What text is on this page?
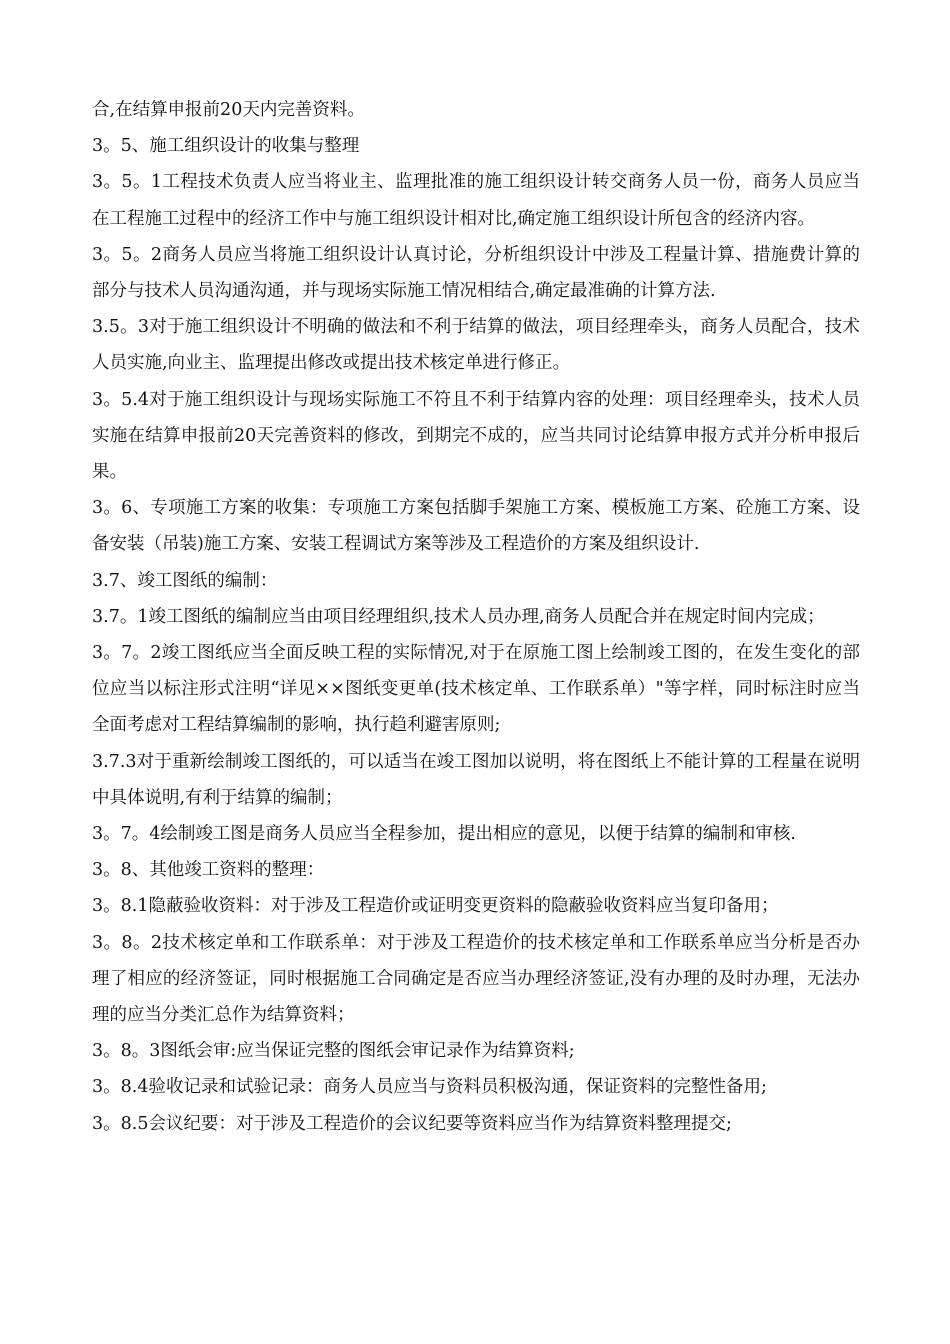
合,在结算申报前20天内完善资料。

3。5、施工组织设计的收集与整理

3。5。1工程技术负责人应当将业主、监理批准的施工组织设计转交商务人员一份，商务人员应当在工程施工过程中的经济工作中与施工组织设计相对比,确定施工组织设计所包含的经济内容。

3。5。2商务人员应当将施工组织设计认真讨论，分析组织设计中涉及工程量计算、措施费计算的部分与技术人员沟通沟通，并与现场实际施工情况相结合,确定最准确的计算方法.

3.5。3对于施工组织设计不明确的做法和不利于结算的做法，项目经理牵头，商务人员配合，技术人员实施,向业主、监理提出修改或提出技术核定单进行修正。

3。5.4对于施工组织设计与现场实际施工不符且不利于结算内容的处理：项目经理牵头，技术人员实施在结算申报前20天完善资料的修改，到期完不成的，应当共同讨论结算申报方式并分析申报后果。

3。6、专项施工方案的收集：专项施工方案包括脚手架施工方案、模板施工方案、砼施工方案、设备安装（吊装)施工方案、安装工程调试方案等涉及工程造价的方案及组织设计.

3.7、竣工图纸的编制：

3.7。1竣工图纸的编制应当由项目经理组织,技术人员办理,商务人员配合并在规定时间内完成；

3。7。2竣工图纸应当全面反映工程的实际情况,对于在原施工图上绘制竣工图的，在发生变化的部位应当以标注形式注明“详见××图纸变更单(技术核定单、工作联系单）"等字样，同时标注时应当全面考虑对工程结算编制的影响，执行趋利避害原则;

3.7.3对于重新绘制竣工图纸的，可以适当在竣工图加以说明，将在图纸上不能计算的工程量在说明中具体说明,有利于结算的编制；

3。7。4绘制竣工图是商务人员应当全程参加，提出相应的意见，以便于结算的编制和审核.

3。8、其他竣工资料的整理：

3。8.1隐蔽验收资料：对于涉及工程造价或证明变更资料的隐蔽验收资料应当复印备用；

3。8。2技术核定单和工作联系单：对于涉及工程造价的技术核定单和工作联系单应当分析是否办理了相应的经济签证，同时根据施工合同确定是否应当办理经济签证,没有办理的及时办理，无法办理的应当分类汇总作为结算资料；

3。8。3图纸会审:应当保证完整的图纸会审记录作为结算资料;

3。8.4验收记录和试验记录：商务人员应当与资料员积极沟通，保证资料的完整性备用;

3。8.5会议纪要：对于涉及工程造价的会议纪要等资料应当作为结算资料整理提交;
